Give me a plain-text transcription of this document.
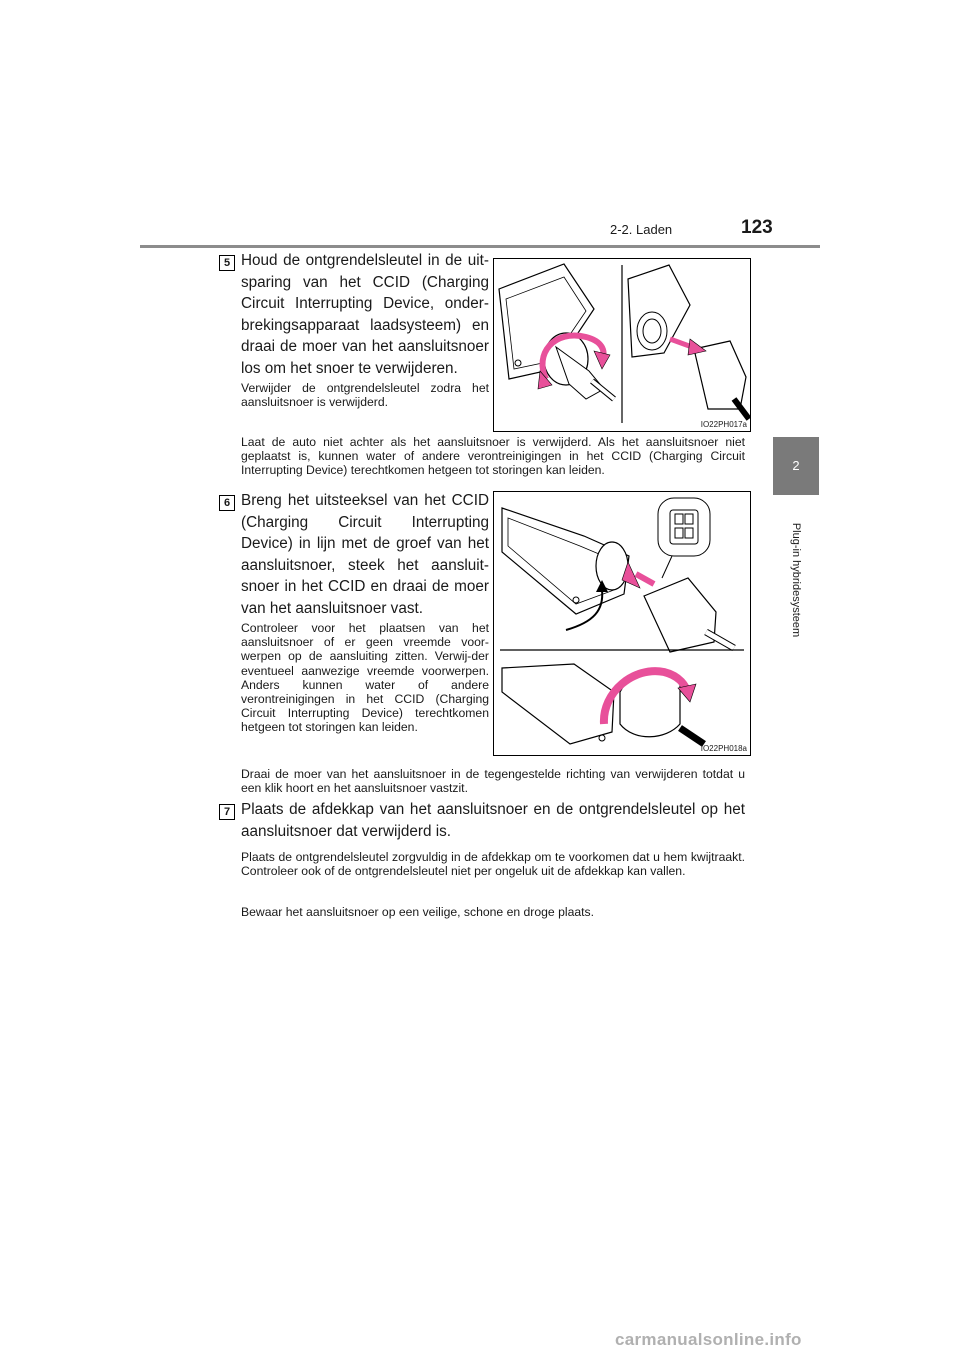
2-2. Laden	123
2
Plug-in hybridesysteem
5 Houd de ontgrendelsleutel in de uit-sparing van het CCID (Charging Circuit Interrupting Device, onder-brekingsapparaat laadsysteem) en draai de moer van het aansluitsnoer los om het snoer te verwijderen.
Verwijder de ontgrendelsleutel zodra het aansluitsnoer is verwijderd.
IO22PH017a
Laat de auto niet achter als het aansluitsnoer is verwijderd. Als het aansluitsnoer niet geplaatst is, kunnen water of andere verontreinigingen in het CCID (Charging Circuit Interrupting Device) terechtkomen hetgeen tot storingen kan leiden.
6 Breng het uitsteeksel van het CCID (Charging Circuit Interrupting Device) in lijn met de groef van het aansluitsnoer, steek het aansluit-snoer in het CCID en draai de moer van het aansluitsnoer vast.
Controleer voor het plaatsen van het aansluitsnoer of er geen vreemde voor-werpen op de aansluiting zitten. Verwij-der eventueel aanwezige vreemde voorwerpen. Anders kunnen water of andere verontreinigingen in het CCID (Charging Circuit Interrupting Device) terechtkomen hetgeen tot storingen kan leiden.
IO22PH018a
Draai de moer van het aansluitsnoer in de tegengestelde richting van verwijderen totdat u een klik hoort en het aansluitsnoer vastzit.
7 Plaats de afdekkap van het aansluitsnoer en de ontgrendelsleutel op het aansluitsnoer dat verwijderd is.
Plaats de ontgrendelsleutel zorgvuldig in de afdekkap om te voorkomen dat u hem kwijtraakt. Controleer ook of de ontgrendelsleutel niet per ongeluk uit de afdekkap kan vallen.
Bewaar het aansluitsnoer op een veilige, schone en droge plaats.
carmanualsonline.info
